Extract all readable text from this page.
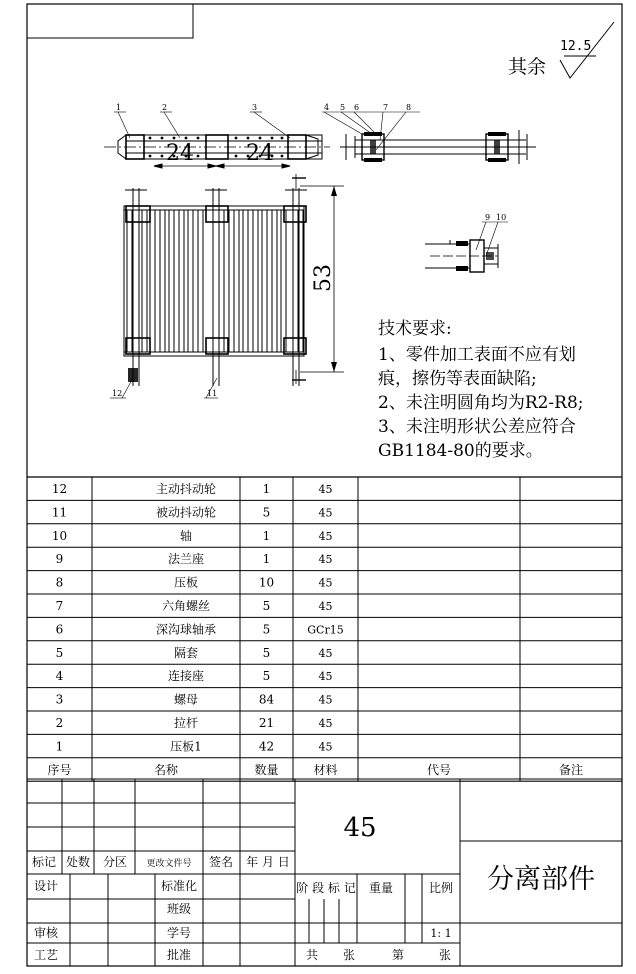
其余
12.5
24 24
53
1	2	3	4 5 6	7 8
9 10
11
12
技术要求:
1、零件加工表面不应有划
痕，擦伤等表面缺陷;
2、未注明圆角均为R2-R8;
3、未注明形状公差应符合
GB1184-80的要求。
12	主动抖动轮	1	45
11	被动抖动轮	5	45
10	轴	1	45
9	法兰座	1	45
8	压板	10	45
7	六角螺丝	5	45
6	深沟球轴承	5	GCr15
5	隔套	5	45
4	连接座	5	45
3	螺母	84	45
2	拉杆	21	45
1	压板1	42	45
序号	名称	数量	材料	代号	备注
45
分离部件
标记 处数 分区 更改文件号 签名 年 月 日
设计	标准化
班级
审核	学号
工艺	批准
阶 段 标 记 重量	比例
1: 1
共 张	第	张
